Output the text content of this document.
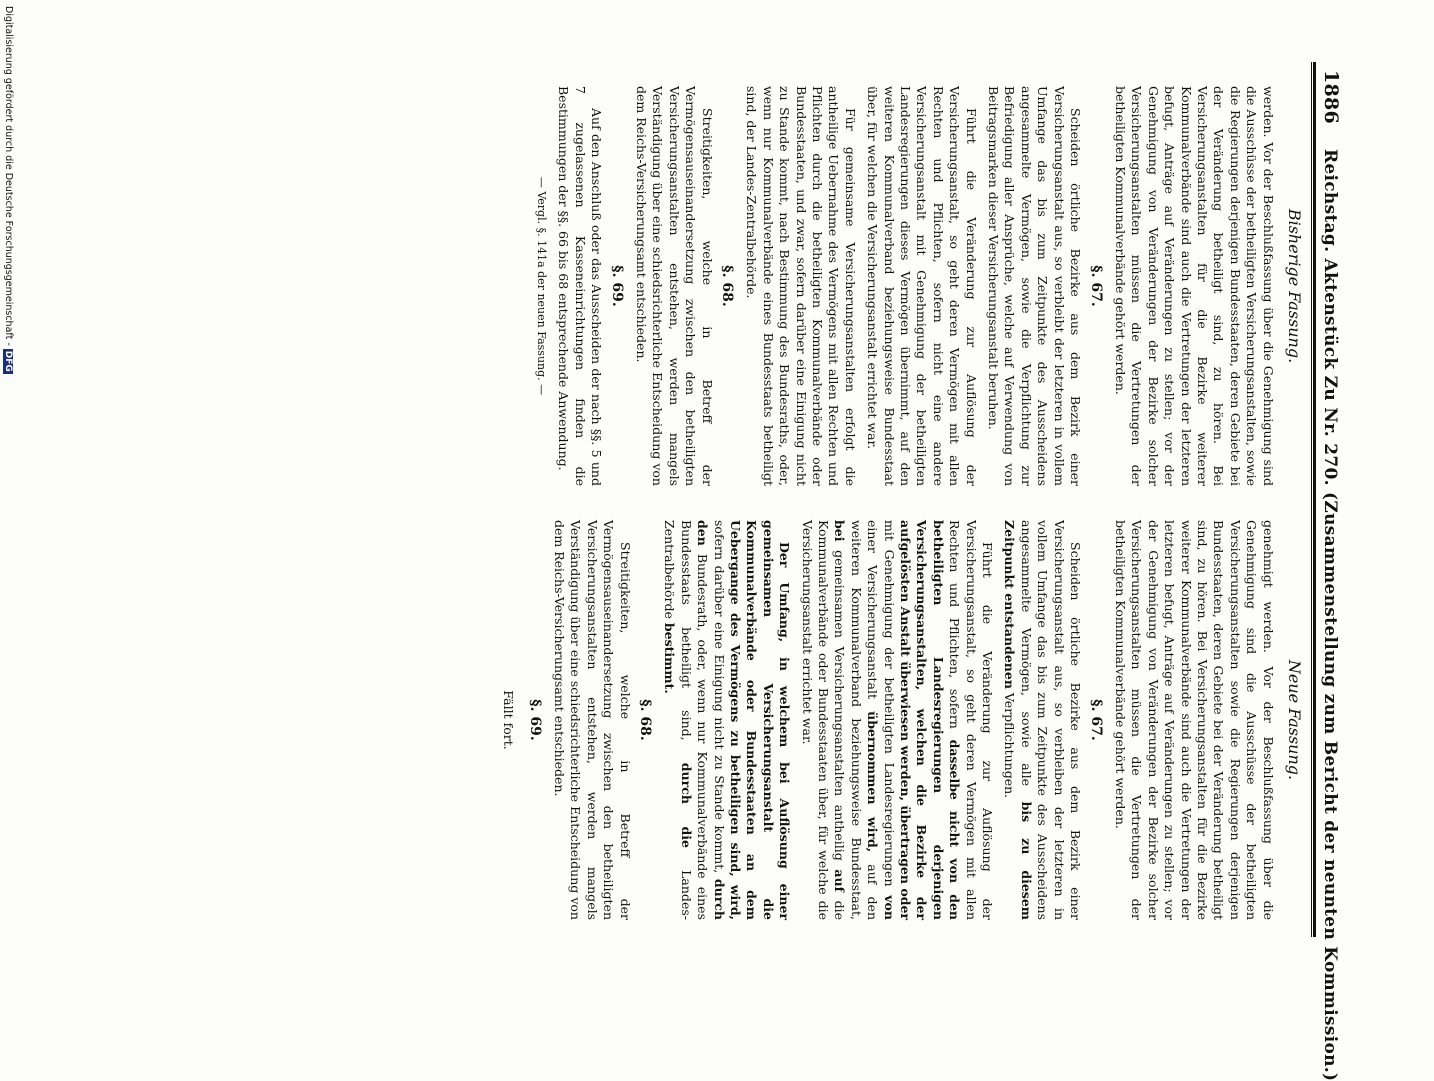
1886    Reichstag. Aktenstück Zu Nr. 270. (Zusammenstellung zum Bericht der neunten Kommission.)
Bisherige Fassung.

werden. Vor der Beschlußfassung über die Genehmigung sind die Ausschüsse der betheiligten Versicherungsanstalten, sowie die Regierungen derjenigen Bundesstaaten, deren Gebiete bei der Veränderung betheiligt sind, zu hören. Bei Versicherungsanstalten für die Bezirke weiterer Kommunalverbände sind auch die Vertretungen der letzteren befugt, Anträge auf Veränderungen zu stellen; vor der Genehmigung von Veränderungen der Bezirke solcher Versicherungsanstalten müssen die Vertretungen der betheiligten Kommunalverbände gehört werden.

§. 67.

Scheiden örtliche Bezirke aus dem Bezirk einer Versicherungsanstalt aus, so verbleibt der letzteren in vollem Umfange das bis zum Zeitpunkte des Ausscheidens angesammelte Vermögen, sowie die Verpflichtung zur Befriedigung aller Ansprüche, welche auf Verwendung von Beitragsmarken dieser Versicherungsanstalt beruhen.

Führt die Veränderung zur Auflösung der Versicherungsanstalt, so geht deren Vermögen mit allen Rechten und Pflichten, sofern nicht eine andere Versicherungsanstalt mit Genehmigung der betheiligten Landesregierungen dieses Vermögen übernimmt, auf den weiteren Kommunalverband beziehungsweise Bundesstaat über, für welchen die Versicherungsanstalt errichtet war.

Für gemeinsame Versicherungsanstalten erfolgt die antheilige Uebernahme des Vermögens mit allen Rechten und Pflichten durch die betheiligten Kommunalverbände oder Bundesstaaten, und zwar, sofern darüber eine Einigung nicht zu Stande kommt, nach Bestimmung des Bundesraths, oder, wenn nur Kommunalverbände eines Bundesstaats betheiligt sind, der Landes-Zentralbehörde.

§. 68.

Streitigkeiten, welche in Betreff der Vermögensauseinandersetzung zwischen den betheiligten Versicherungsanstalten entstehen, werden mangels Verständigung über eine schiedsrichterliche Entscheidung von dem Reichs-Versicherungsamt entschieden.

§. 69.

Auf den Anschluß oder das Ausscheiden der nach §§. 5 und 7 zugelassenen Kasseneinrichtungen finden die Bestimmungen der §§. 66 bis 68 entsprechende Anwendung.

— Vergl. §. 141a der neuen Fassung. —
Neue Fassung.

genehmigt werden. Vor der Beschlußfassung über die Genehmigung sind die Ausschüsse der betheiligten Versicherungsanstalten sowie die Regierungen derjenigen Bundesstaaten, deren Gebiete bei der Veränderung betheiligt sind, zu hören. Bei Versicherungsanstalten für die Bezirke weiterer Kommunalverbände sind auch die Vertretungen der letzteren befugt, Anträge auf Veränderungen zu stellen; vor der Genehmigung von Veränderungen der Bezirke solcher Versicherungsanstalten müssen die Vertretungen der betheiligten Kommunalverbände gehört werden.

§. 67.

Scheiden örtliche Bezirke aus dem Bezirk einer Versicherungsanstalt aus, so verbleiben der letzteren in vollem Umfange das bis zum Zeitpunkte des Ausscheidens angesammelte Vermögen, sowie alle bis zu diesem Zeitpunkt entstandenen Verpflichtungen.

Führt die Veränderung zur Auflösung der Versicherungsanstalt, so geht deren Vermögen mit allen Rechten und Pflichten, sofern dasselbe nicht von den betheiligten Landesregierungen derjenigen Versicherungsanstalten, welchen die Bezirke der aufgelösten Anstalt überwiesen werden, übertragen oder mit Genehmigung der betheiligten Landesregierungen von einer Versicherungsanstalt übernommen wird, auf den weiteren Kommunalverband beziehungsweise Bundesstaat, bei gemeinsamen Versicherungsanstalten antheilig auf die Kommunalverbände oder Bundesstaaten über, für welche die Versicherungsanstalt errichtet war.

Der Umfang, in welchem bei Auflösung einer gemeinsamen Versicherungsanstalt die Kommunalverbände oder Bundesstaaten an dem Uebergange des Vermögens zu betheiligen sind, wird, sofern darüber eine Einigung nicht zu Stande kommt, durch den Bundesrath, oder, wenn nur Kommunalverbände eines Bundesstaats betheiligt sind, durch die Landes-Zentralbehörde bestimmt.

§. 68.

Streitigkeiten, welche in Betreff der Vermögensauseinandersetzung zwischen den betheiligten Versicherungsanstalten entstehen, werden mangels Verständigung über eine schiedsrichterliche Entscheidung von dem Reichs-Versicherungsamt entschieden.

§. 69.
Fällt fort.
Digitalisierung gefördert durch die Deutsche Forschungsgemeinschaft -DFG
